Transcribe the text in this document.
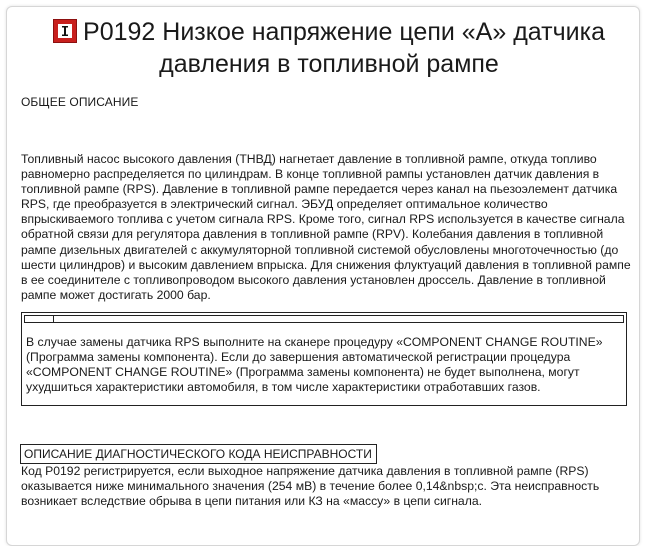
P0192 Низкое напряжение цепи «А» датчика
давления в топливной рампе
ОБЩЕЕ ОПИСАНИЕ
Топливный насос высокого давления (ТНВД) нагнетает давление в топливной рампе, откуда топливо равномерно распределяется по цилиндрам. В конце топливной рампы установлен датчик давления в топливной рампе (RPS). Давление в топливной рампе передается через канал на пьезоэлемент датчика RPS, где преобразуется в электрический сигнал. ЭБУД определяет оптимальное количество впрыскиваемого топлива с учетом сигнала RPS. Кроме того, сигнал RPS используется в качестве сигнала обратной связи для регулятора давления в топливной рампе (RPV). Колебания давления в топливной рампе дизельных двигателей с аккумуляторной топливной системой обусловлены многоточечностью (до шести цилиндров) и высоким давлением впрыска. Для снижения флуктуаций давления в топливной рампе в ее соединителе с топливопроводом высокого давления установлен дроссель. Давление в топливной рампе может достигать 2000 бар.
В случае замены датчика RPS выполните на сканере процедуру «COMPONENT CHANGE ROUTINE» (Программа замены компонента). Если до завершения автоматической регистрации процедура «COMPONENT CHANGE ROUTINE» (Программа замены компонента) не будет выполнена, могут ухудшиться характеристики автомобиля, в том числе характеристики отработавших газов.
ОПИСАНИЕ ДИАГНОСТИЧЕСКОГО КОДА НЕИСПРАВНОСТИ
Код P0192 регистрируется, если выходное напряжение датчика давления в топливной рампе (RPS) оказывается ниже минимального значения (254 мВ) в течение более 0,14&nbsp;с. Эта неисправность возникает вследствие обрыва в цепи питания или КЗ на «массу» в цепи сигнала.
